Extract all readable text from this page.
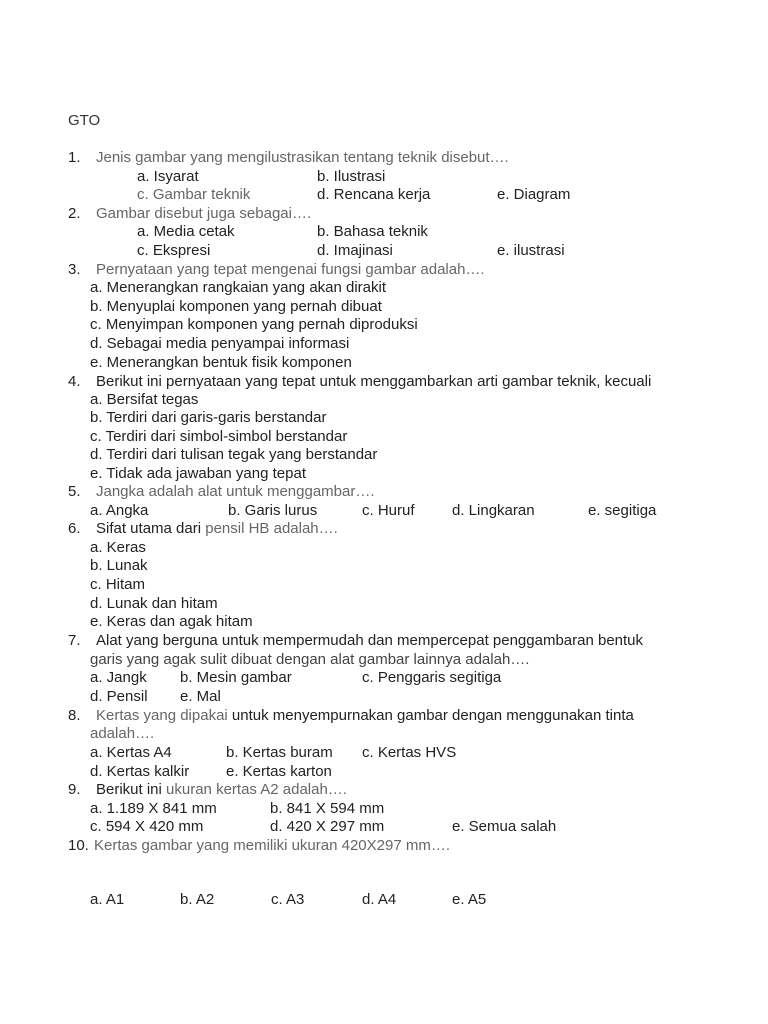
GTO
1. Jenis gambar yang mengilustrasikan tentang teknik disebut….
a. Isyarat	b. Ilustrasi
c. Gambar teknik	d. Rencana kerja	e. Diagram
2. Gambar disebut juga sebagai….
a. Media cetak	b. Bahasa teknik
c. Ekspresi	d. Imajinasi	e. ilustrasi
3. Pernyataan yang tepat mengenai fungsi gambar adalah….
a. Menerangkan rangkaian yang akan dirakit
b. Menyuplai komponen yang pernah dibuat
c. Menyimpan komponen yang pernah diproduksi
d. Sebagai media penyampai informasi
e. Menerangkan bentuk fisik komponen
4. Berikut ini pernyataan yang tepat untuk menggambarkan arti gambar teknik, kecuali
a. Bersifat tegas
b. Terdiri dari garis-garis berstandar
c. Terdiri dari simbol-simbol berstandar
d. Terdiri dari tulisan tegak yang berstandar
e. Tidak ada jawaban yang tepat
5. Jangka adalah alat untuk menggambar….
a. Angka	b. Garis lurus	c. Huruf d. Lingkaran	e. segitiga
6. Sifat utama dari pensil HB adalah….
a. Keras
b. Lunak
c. Hitam
d. Lunak dan hitam
e. Keras dan agak hitam
7. Alat yang berguna untuk mempermudah dan mempercepat penggambaran bentuk
garis yang agak sulit dibuat dengan alat gambar lainnya adalah….
a. Jangk b. Mesin gambar	c. Penggaris segitiga
d. Pensil e. Mal
8. Kertas yang dipakai untuk menyempurnakan gambar dengan menggunakan tinta
adalah….
a. Kertas A4	b. Kertas buram c. Kertas HVS
d. Kertas kalkir e. Kertas karton
9. Berikut ini ukuran kertas A2 adalah….
a. 1.189 X 841 mm	b. 841 X 594 mm
c. 594 X 420 mm	d. 420 X 297 mm	e. Semua salah
10. Kertas gambar yang memiliki ukuran 420X297 mm….
a. A1	b. A2	c. A3	d. A4	e. A5
